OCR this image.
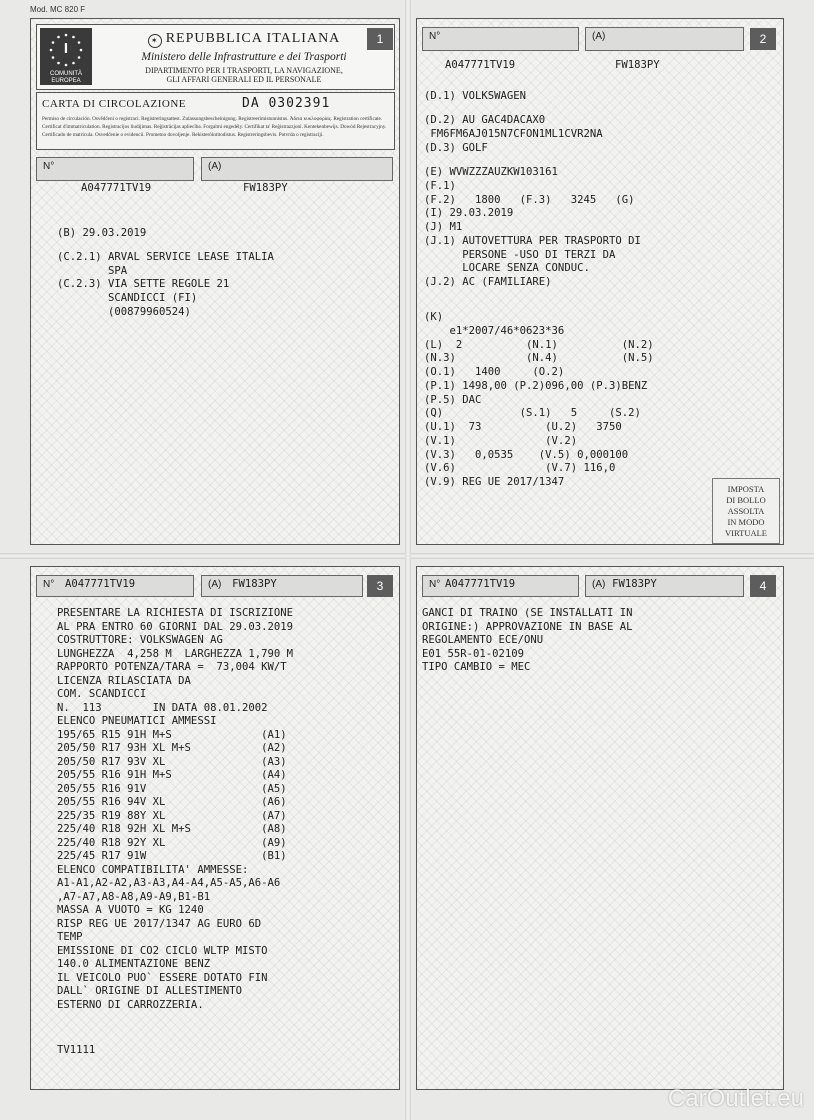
Mod. MC 820 F
I
COMUNITÀ
EUROPEA
✶ REPUBBLICA ITALIANA
Ministero delle Infrastrutture e dei Trasporti
DIPARTIMENTO PER I TRASPORTI, LA NAVIGAZIONE,
GLI AFFARI GENERALI ED IL PERSONALE
1
CARTA DI CIRCOLAZIONE	DA 0302391
Permiso de circulación. Osvědčení o registraci. Registreringsattest. Zulassungsbescheinigung. Registreerimistunnistus. Άδεια κυκλοφορίας. Registration certificate. Certificat d'immatriculation. Registracijos liudijimas. Reģistrācijas apliecība. Forgalmi engedély. Certifikat ta' Reģistrazzjoni. Kentekenbewijs. Dowód Rejestracyjny. Certificado de matrícula. Osvedčenie o evidencii. Prometno dovoljenje. Rekisteröintitodistus. Registreringsbevis. Potvrda o registraciji.
N°	(A)
A047771TV19	FW183PY
(B) 29.03.2019
(C.2.1) ARVAL SERVICE LEASE ITALIA
SPA
(C.2.3) VIA SETTE REGOLE 21
SCANDICCI (FI)
(00879960524)
N°	(A)	2
A047771TV19	FW183PY
(D.1) VOLKSWAGEN
(D.2) AU GAC4DACAX0
FM6FM6AJ015N7CFON1ML1CVR2NA
(D.3) GOLF
(E) WVWZZZAUZKW103161
(F.1)
(F.2)   1800   (F.3)   3245   (G)
(I) 29.03.2019
(J) M1
(J.1) AUTOVETTURA PER TRASPORTO DI
PERSONE -USO DI TERZI DA
LOCARE SENZA CONDUC.
(J.2) AC (FAMILIARE)
(K)
e1*2007/46*0623*36
(L)  2          (N.1)          (N.2)
(N.3)           (N.4)          (N.5)
(O.1)   1400     (O.2)
(P.1) 1498,00 (P.2)096,00 (P.3)BENZ
(P.5) DAC
(Q)            (S.1)   5     (S.2)
(U.1)  73          (U.2)   3750
(V.1)              (V.2)
(V.3)   0,0535    (V.5) 0,000100
(V.6)              (V.7) 116,0
(V.9) REG UE 2017/1347
IMPOSTA
DI BOLLO
ASSOLTA
IN MODO
VIRTUALE
N° A047771TV19	(A) FW183PY	3
PRESENTARE LA RICHIESTA DI ISCRIZIONE
AL PRA ENTRO 60 GIORNI DAL 29.03.2019
COSTRUTTORE: VOLKSWAGEN AG
LUNGHEZZA  4,258 M  LARGHEZZA 1,790 M
RAPPORTO POTENZA/TARA =  73,004 KW/T
LICENZA RILASCIATA DA
COM. SCANDICCI
N.  113        IN DATA 08.01.2002
ELENCO PNEUMATICI AMMESSI
195/65 R15 91H M+S              (A1)
205/50 R17 93H XL M+S           (A2)
205/50 R17 93V XL               (A3)
205/55 R16 91H M+S              (A4)
205/55 R16 91V                  (A5)
205/55 R16 94V XL               (A6)
225/35 R19 88Y XL               (A7)
225/40 R18 92H XL M+S           (A8)
225/40 R18 92Y XL               (A9)
225/45 R17 91W                  (B1)
ELENCO COMPATIBILITA' AMMESSE:
A1-A1,A2-A2,A3-A3,A4-A4,A5-A5,A6-A6
,A7-A7,A8-A8,A9-A9,B1-B1
MASSA A VUOTO = KG 1240
RISP REG UE 2017/1347 AG EURO 6D
TEMP
EMISSIONE DI CO2 CICLO WLTP MISTO
140.0 ALIMENTAZIONE BENZ
IL VEICOLO PUO` ESSERE DOTATO FIN
DALL` ORIGINE DI ALLESTIMENTO
ESTERNO DI CARROZZERIA.
TV1111
N° A047771TV19	(A) FW183PY	4
GANCI DI TRAINO (SE INSTALLATI IN
ORIGINE:) APPROVAZIONE IN BASE AL
REGOLAMENTO ECE/ONU
E01 55R-01-02109
TIPO CAMBIO = MEC
CarOutlet.eu
